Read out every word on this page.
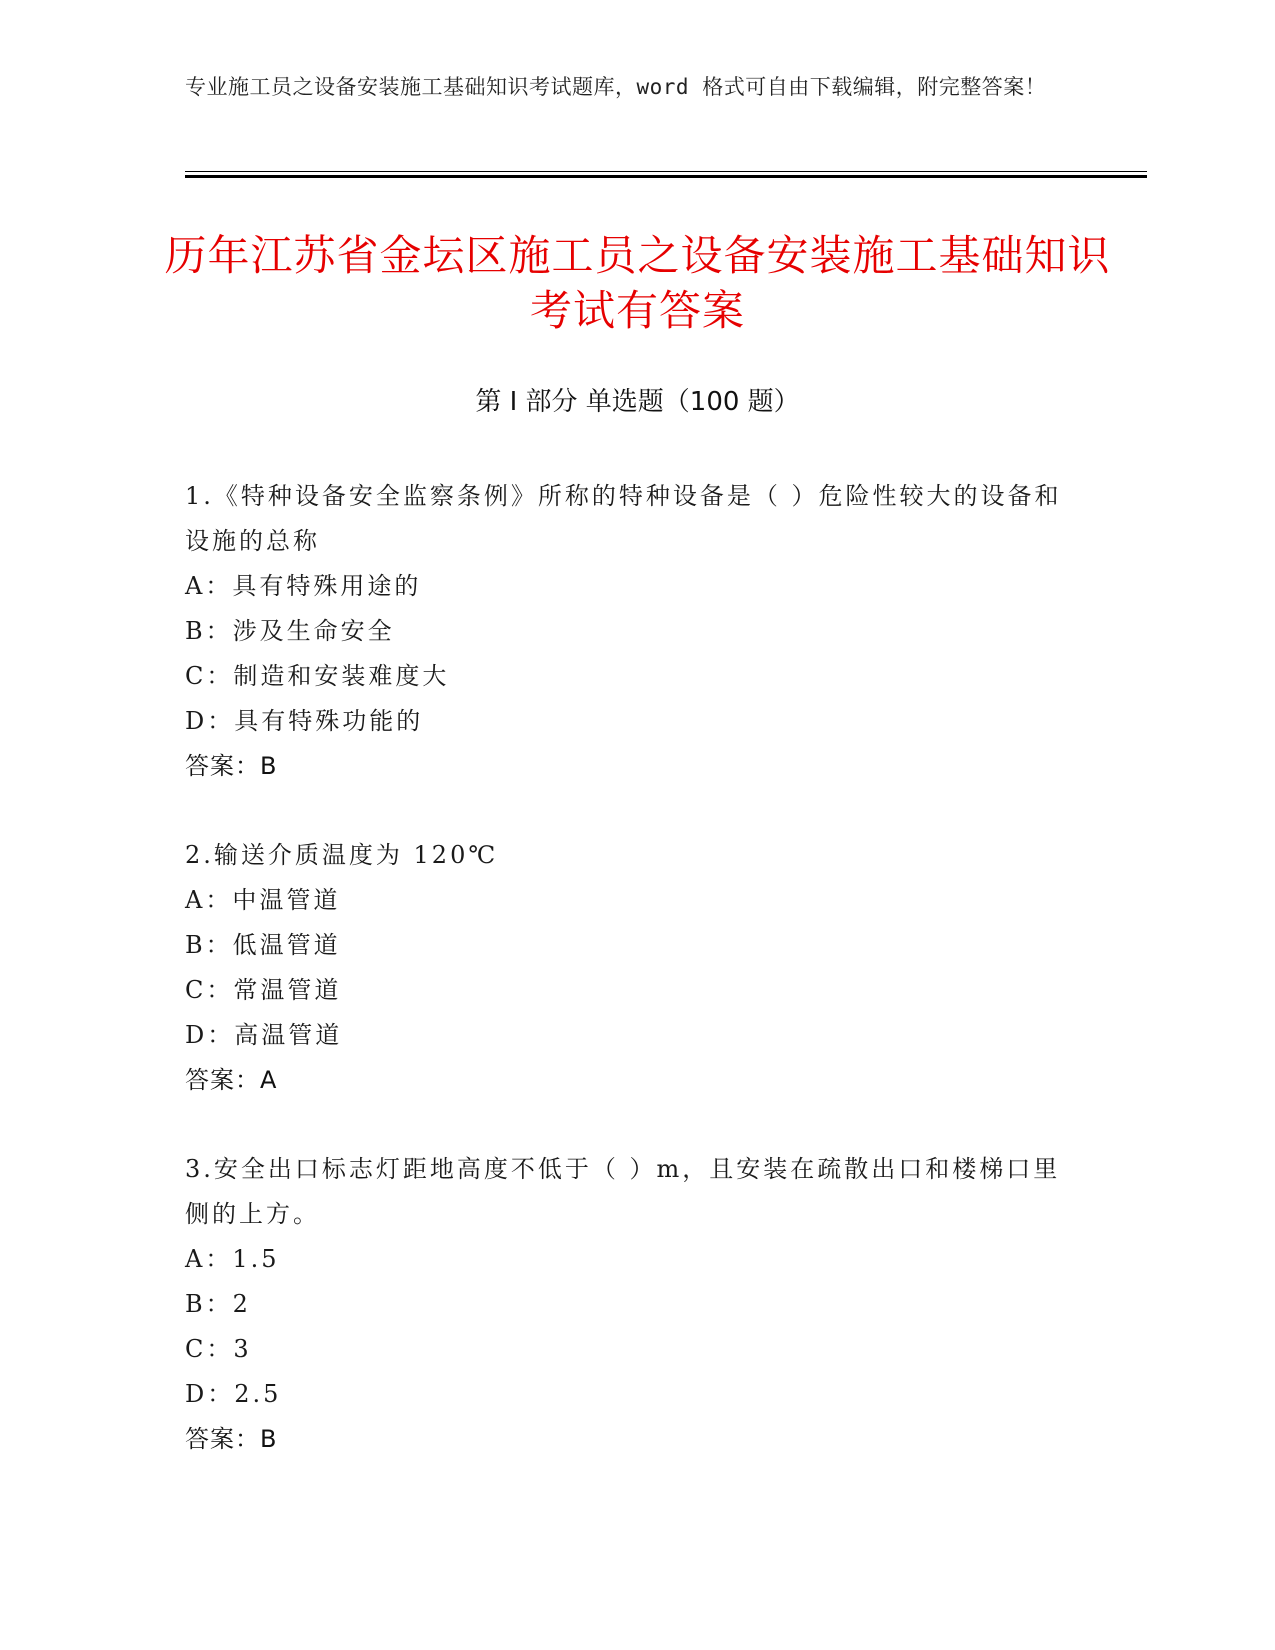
专业施工员之设备安装施工基础知识考试题库，word 格式可自由下载编辑，附完整答案！
历年江苏省金坛区施工员之设备安装施工基础知识考试有答案
第 I 部分 单选题（100 题）

1.《特种设备安全监察条例》所称的特种设备是（ ）危险性较大的设备和设施的总称

A：具有特殊用途的

B：涉及生命安全

C：制造和安装难度大

D：具有特殊功能的

答案：B

2.输送介质温度为 120℃

A：中温管道

B：低温管道

C：常温管道

D：高温管道

答案：A

3.安全出口标志灯距地高度不低于（ ）m，且安装在疏散出口和楼梯口里侧的上方。

A：1.5

B：2

C：3

D：2.5

答案：B
